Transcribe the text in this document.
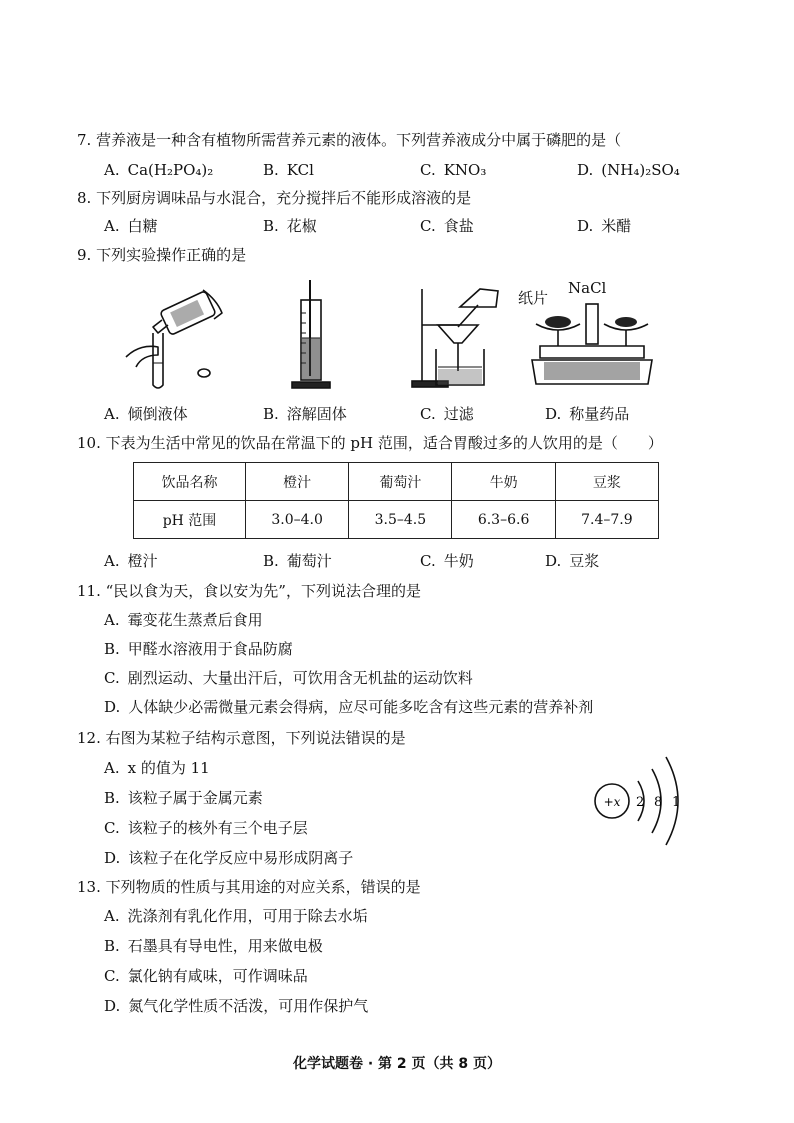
7. 营养液是一种含有植物所需营养元素的液体。下列营养液成分中属于磷肥的是（
A. Ca(H₂PO₄)₂	B. KCl	C. KNO₃	D. (NH₄)₂SO₄
8. 下列厨房调味品与水混合，充分搅拌后不能形成溶液的是
A. 白糖	B. 花椒	C. 食盐	D. 米醋
9. 下列实验操作正确的是
纸片
NaCl
A. 倾倒液体	B. 溶解固体	C. 过滤	D. 称量药品
10. 下表为生活中常见的饮品在常温下的 pH 范围，适合胃酸过多的人饮用的是（　　）
饮品名称	橙汁	葡萄汁	牛奶	豆浆
pH 范围	3.0–4.0	3.5–4.5	6.3–6.6	7.4–7.9
A. 橙汁	B. 葡萄汁	C. 牛奶	D. 豆浆
11. “民以食为天，食以安为先”，下列说法合理的是
A. 霉变花生蒸煮后食用
B. 甲醛水溶液用于食品防腐
C. 剧烈运动、大量出汗后，可饮用含无机盐的运动饮料
D. 人体缺少必需微量元素会得病，应尽可能多吃含有这些元素的营养补剂
12. 右图为某粒子结构示意图，下列说法错误的是
A. x 的值为 11
B. 该粒子属于金属元素
C. 该粒子的核外有三个电子层
D. 该粒子在化学反应中易形成阴离子
+x 2 8 1
13. 下列物质的性质与其用途的对应关系，错误的是
A. 洗涤剂有乳化作用，可用于除去水垢
B. 石墨具有导电性，用来做电极
C. 氯化钠有咸味，可作调味品
D. 氮气化学性质不活泼，可用作保护气
化学试题卷 · 第 2 页（共 8 页）
